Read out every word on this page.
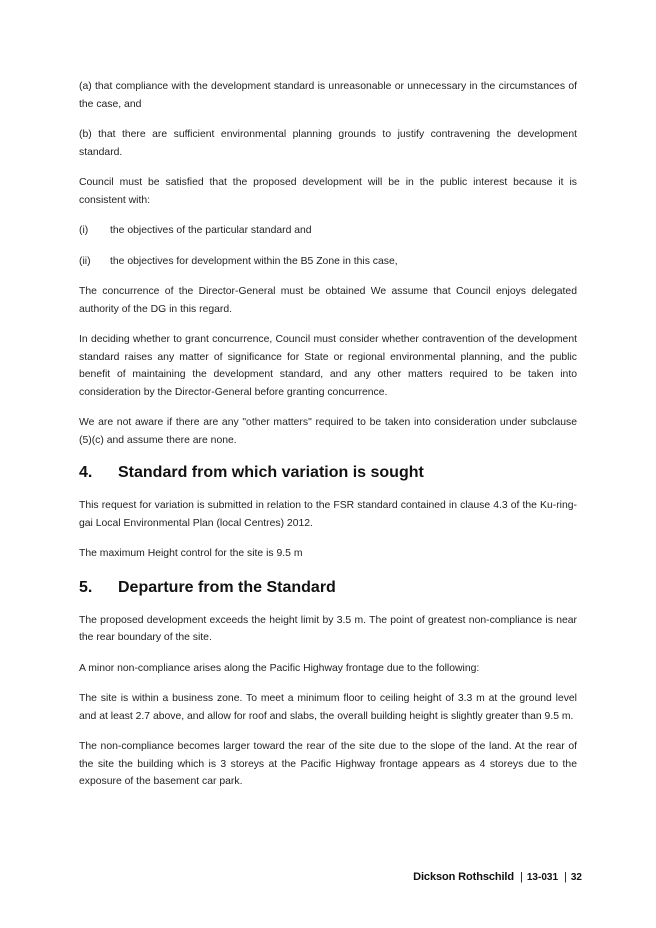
(a) that compliance with the development standard is unreasonable or unnecessary in the circumstances of the case, and

(b) that there are sufficient environmental planning grounds to justify contravening the development standard.

Council must be satisfied that the proposed development will be in the public interest because it is consistent with:

(i)	the objectives of the particular standard and
(ii)	the objectives for development within the B5 Zone in this case,

The concurrence of the Director-General must be obtained We assume that Council enjoys delegated authority of the DG in this regard.

In deciding whether to grant concurrence, Council must consider whether contravention of the development standard raises any matter of significance for State or regional environmental planning, and the public benefit of maintaining the development standard, and any other matters required to be taken into consideration by the Director-General before granting concurrence.

We are not aware if there are any "other matters" required to be taken into consideration under subclause (5)(c) and assume there are none.

4.	Standard from which variation is sought

This request for variation is submitted in relation to the FSR standard contained in clause 4.3 of the Ku-ring-gai Local Environmental Plan (local Centres) 2012.

The maximum Height control for the site is 9.5 m

5.	Departure from the Standard

The proposed development exceeds the height limit by 3.5 m. The point of greatest non-compliance is near the rear boundary of the site.

A minor non-compliance arises along the Pacific Highway frontage due to the following:

The site is within a business zone. To meet a minimum floor to ceiling height of 3.3 m at the ground level and at least 2.7 above, and allow for roof and slabs, the overall building height is slightly greater than 9.5 m.

The non-compliance becomes larger toward the rear of the site due to the slope of the land. At the rear of the site the building which is 3 storeys at the Pacific Highway frontage appears as 4 storeys due to the exposure of the basement car park.

Dickson Rothschild | 13-031 | 32
